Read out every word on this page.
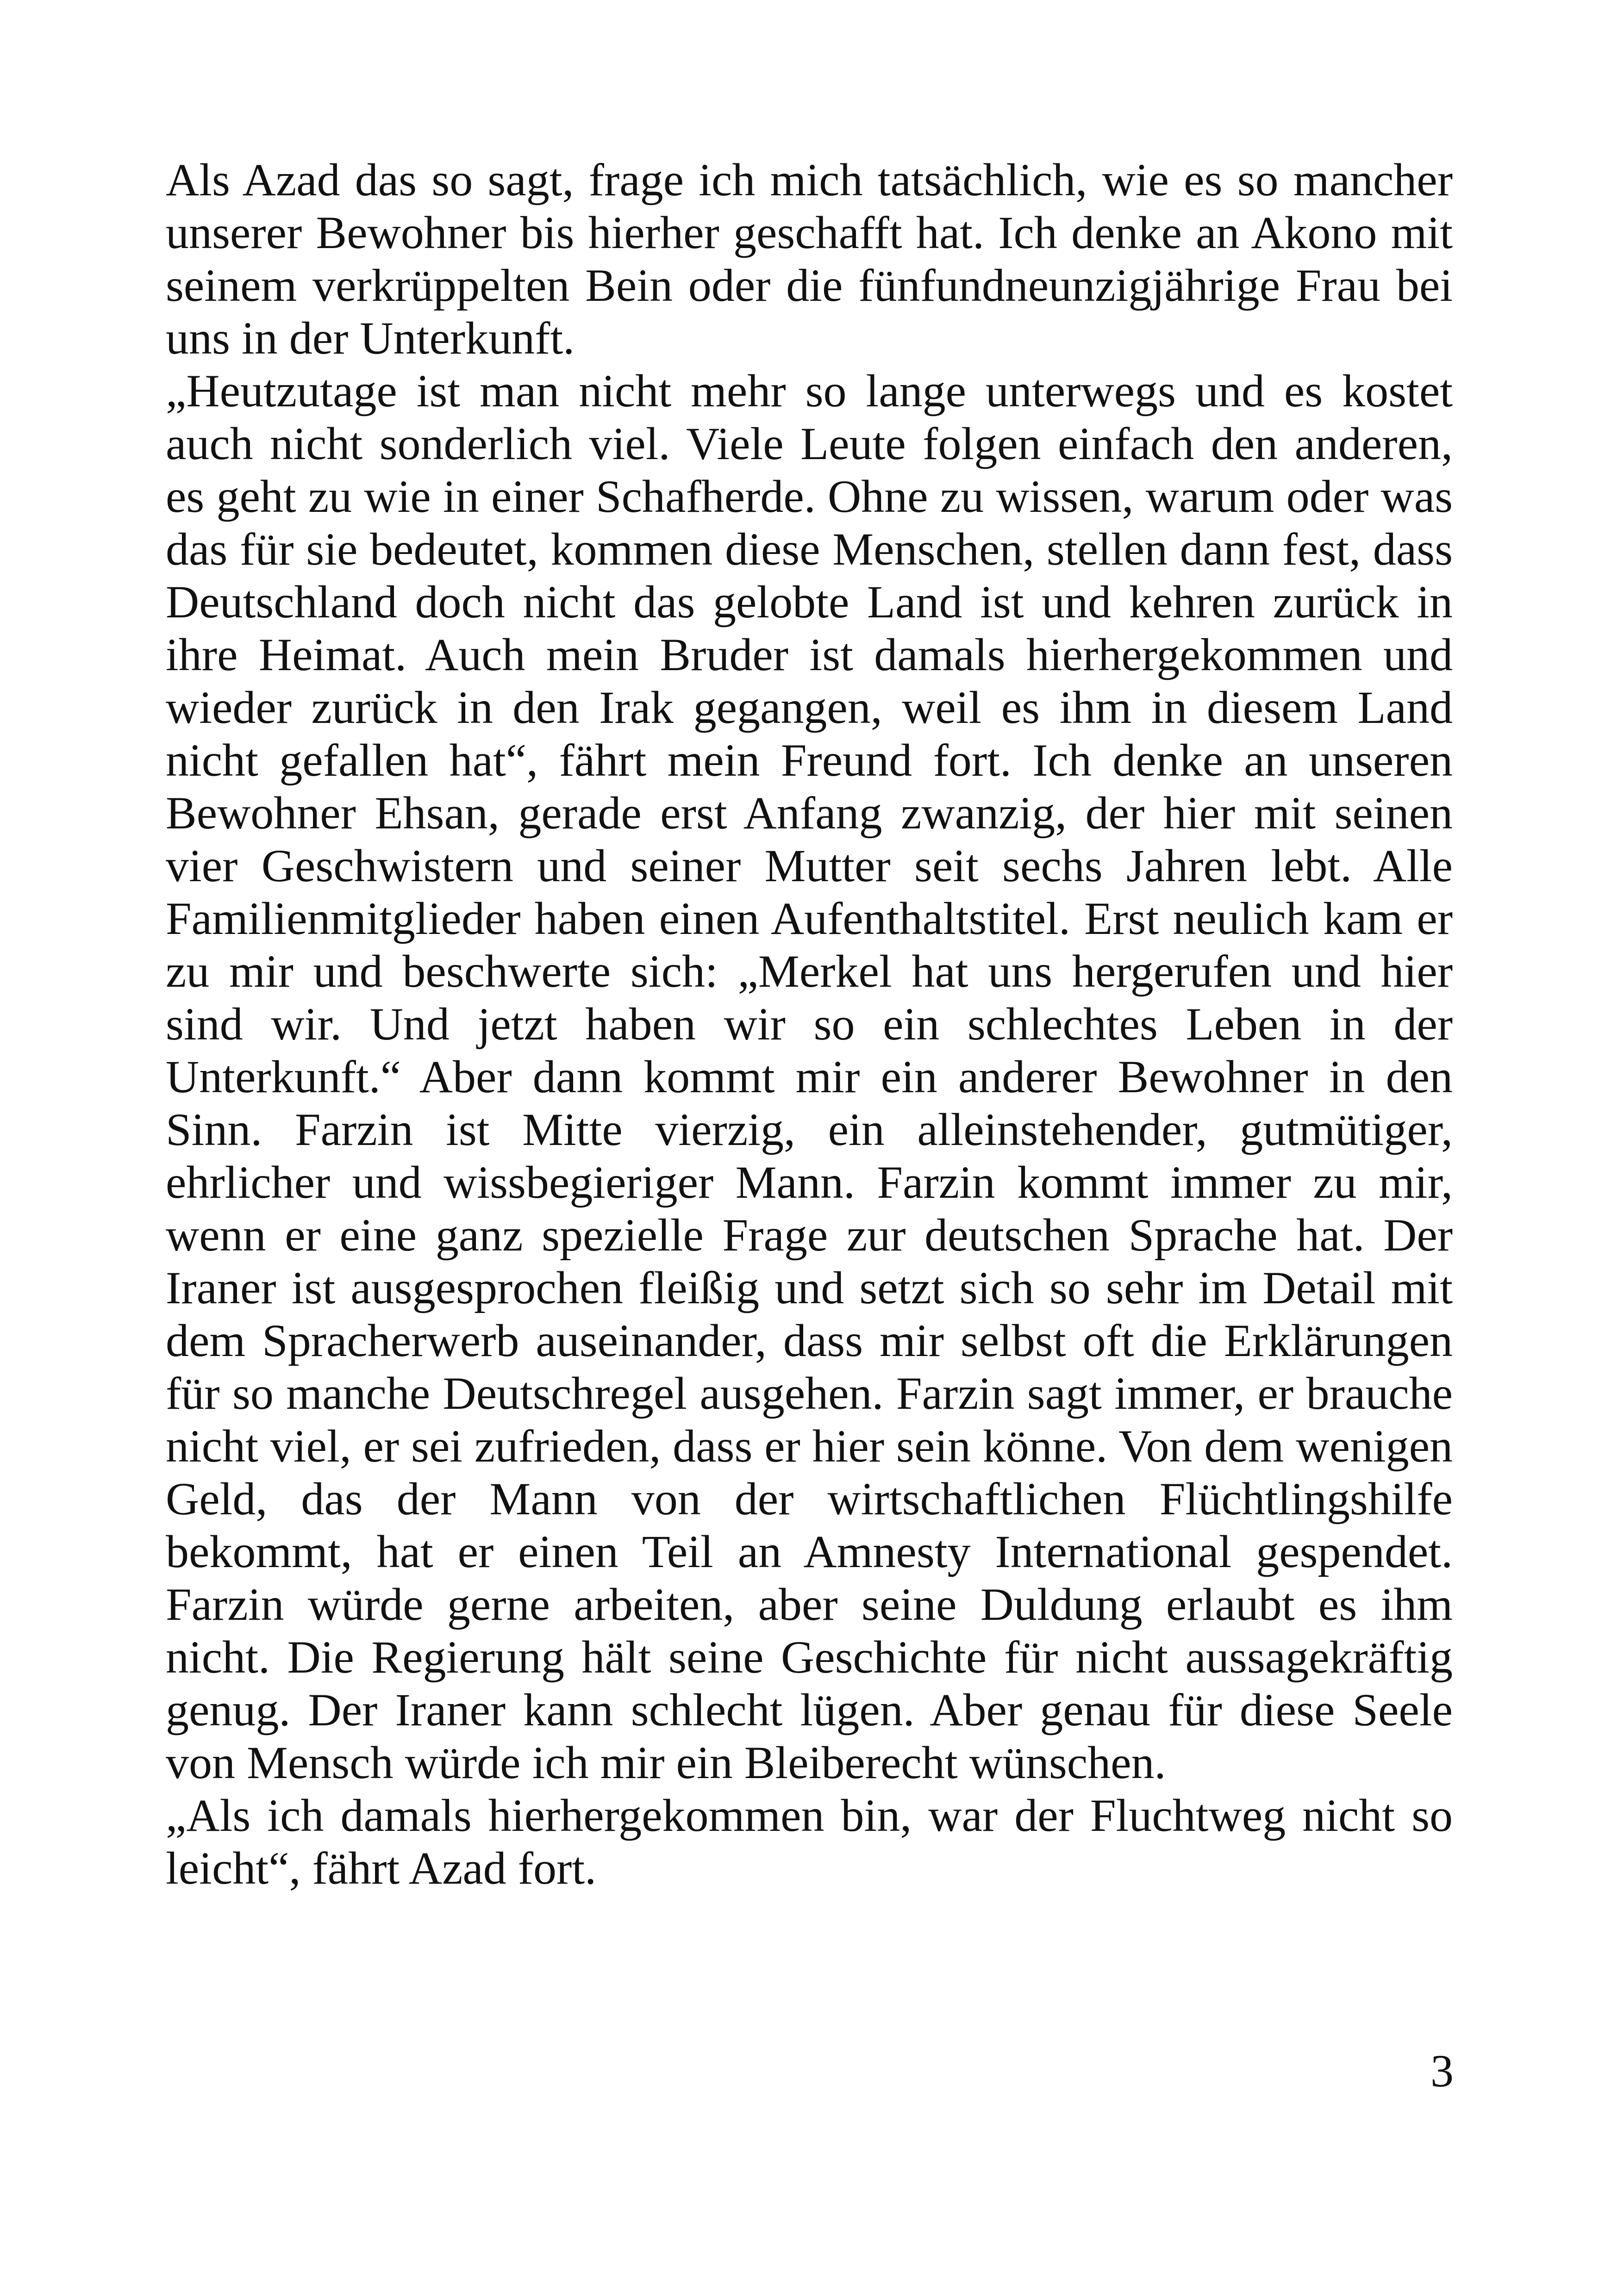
Als Azad das so sagt, frage ich mich tatsächlich, wie es so mancher unserer Bewohner bis hierher geschafft hat. Ich denke an Akono mit seinem verkrüppelten Bein oder die fünfundneunzigjährige Frau bei uns in der Unterkunft.

„Heutzutage ist man nicht mehr so lange unterwegs und es kostet auch nicht sonderlich viel. Viele Leute folgen einfach den anderen, es geht zu wie in einer Schafherde. Ohne zu wissen, warum oder was das für sie bedeutet, kommen diese Menschen, stellen dann fest, dass Deutschland doch nicht das gelobte Land ist und kehren zurück in ihre Heimat. Auch mein Bruder ist damals hierhergekommen und wieder zurück in den Irak gegangen, weil es ihm in diesem Land nicht gefallen hat“, fährt mein Freund fort. Ich denke an unseren Bewohner Ehsan, gerade erst Anfang zwanzig, der hier mit seinen vier Geschwistern und seiner Mutter seit sechs Jahren lebt. Alle Familienmitglieder haben einen Aufenthaltstitel. Erst neulich kam er zu mir und beschwerte sich: „Merkel hat uns hergerufen und hier sind wir. Und jetzt haben wir so ein schlechtes Leben in der Unterkunft.“ Aber dann kommt mir ein anderer Bewohner in den Sinn. Farzin ist Mitte vierzig, ein alleinstehender, gutmütiger, ehrlicher und wissbegieriger Mann. Farzin kommt immer zu mir, wenn er eine ganz spezielle Frage zur deutschen Sprache hat. Der Iraner ist ausgesprochen fleißig und setzt sich so sehr im Detail mit dem Spracherwerb auseinander, dass mir selbst oft die Erklärungen für so manche Deutschregel ausgehen. Farzin sagt immer, er brauche nicht viel, er sei zufrieden, dass er hier sein könne. Von dem wenigen Geld, das der Mann von der wirtschaftlichen Flüchtlingshilfe bekommt, hat er einen Teil an Amnesty International gespendet. Farzin würde gerne arbeiten, aber seine Duldung erlaubt es ihm nicht. Die Regierung hält seine Geschichte für nicht aussagekräftig genug. Der Iraner kann schlecht lügen. Aber genau für diese Seele von Mensch würde ich mir ein Bleiberecht wünschen.

„Als ich damals hierhergekommen bin, war der Fluchtweg nicht so leicht“, fährt Azad fort.

3
